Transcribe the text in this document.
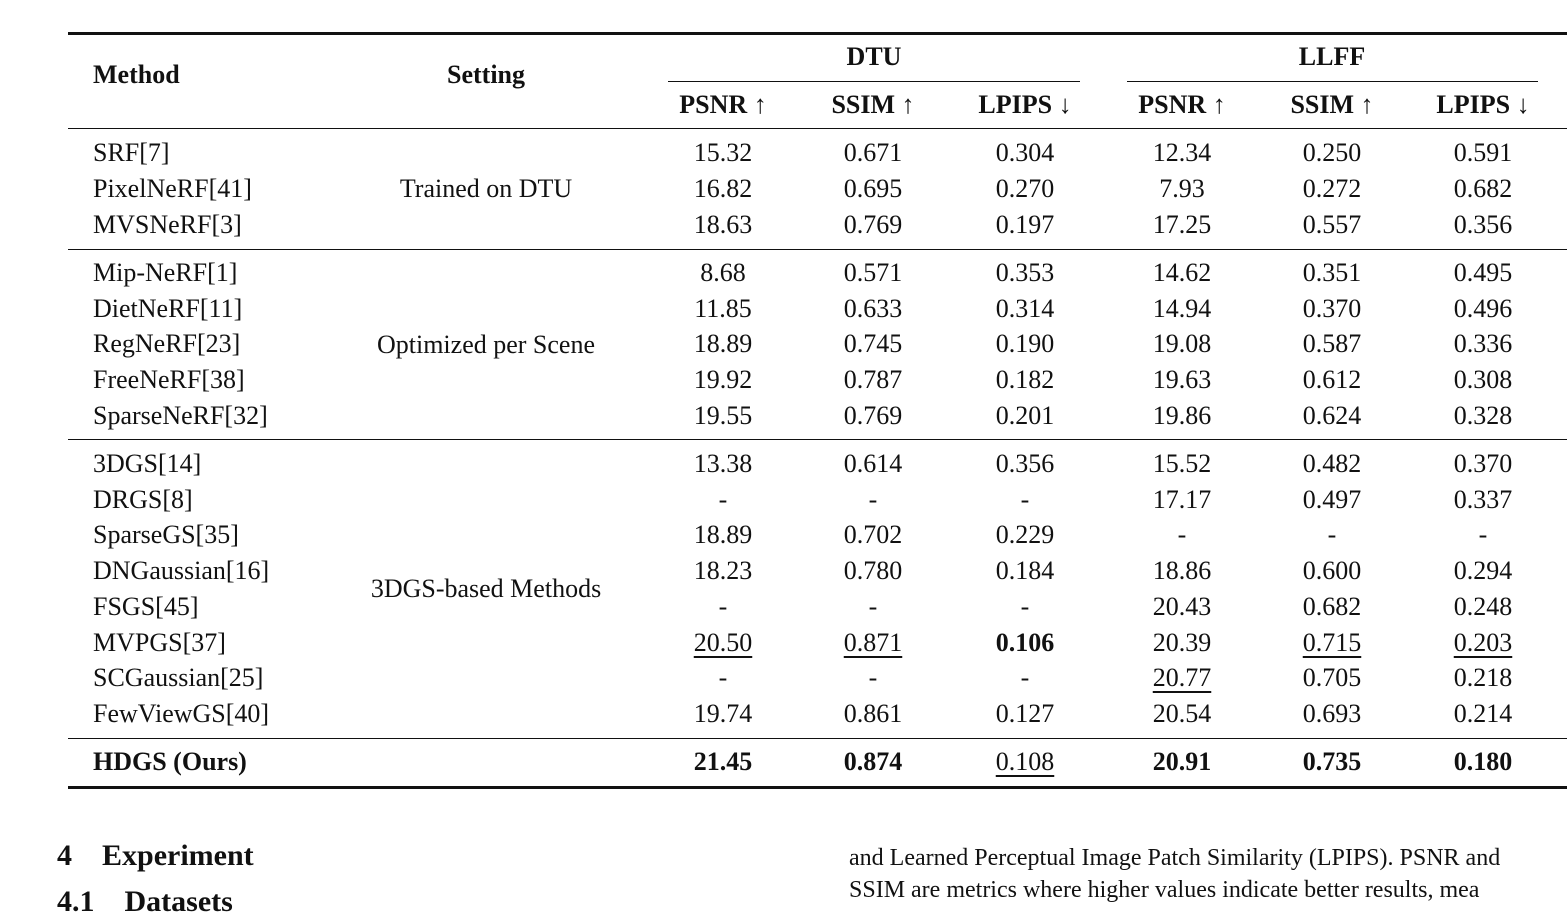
Method	Setting
DTU	LLFF
PSNR ↑	SSIM ↑	LPIPS ↓	PSNR ↑	SSIM ↑	LPIPS ↓
Trained on DTU
SRF[7]	15.32	0.671	0.304	12.34	0.250	0.591
PixelNeRF[41]	16.82	0.695	0.270	7.93	0.272	0.682
MVSNeRF[3]	18.63	0.769	0.197	17.25	0.557	0.356
Optimized per Scene
Mip-NeRF[1]	8.68	0.571	0.353	14.62	0.351	0.495
DietNeRF[11]	11.85	0.633	0.314	14.94	0.370	0.496
RegNeRF[23]	18.89	0.745	0.190	19.08	0.587	0.336
FreeNeRF[38]	19.92	0.787	0.182	19.63	0.612	0.308
SparseNeRF[32]	19.55	0.769	0.201	19.86	0.624	0.328
3DGS-based Methods
3DGS[14]	13.38	0.614	0.356	15.52	0.482	0.370
DRGS[8]	-	-	-	17.17	0.497	0.337
SparseGS[35]	18.89	0.702	0.229	-	-	-
DNGaussian[16]	18.23	0.780	0.184	18.86	0.600	0.294
FSGS[45]	-	-	-	20.43	0.682	0.248
MVPGS[37]	20.50	0.871	0.106	20.39	0.715	0.203
SCGaussian[25]	-	-	-	20.77	0.705	0.218
FewViewGS[40]	19.74	0.861	0.127	20.54	0.693	0.214
HDGS (Ours)	21.45	0.874	0.108	20.91	0.735	0.180
4 Experiment
4.1 Datasets
and Learned Perceptual Image Patch Similarity (LPIPS). PSNR and
SSIM are metrics where higher values indicate better results, mea
